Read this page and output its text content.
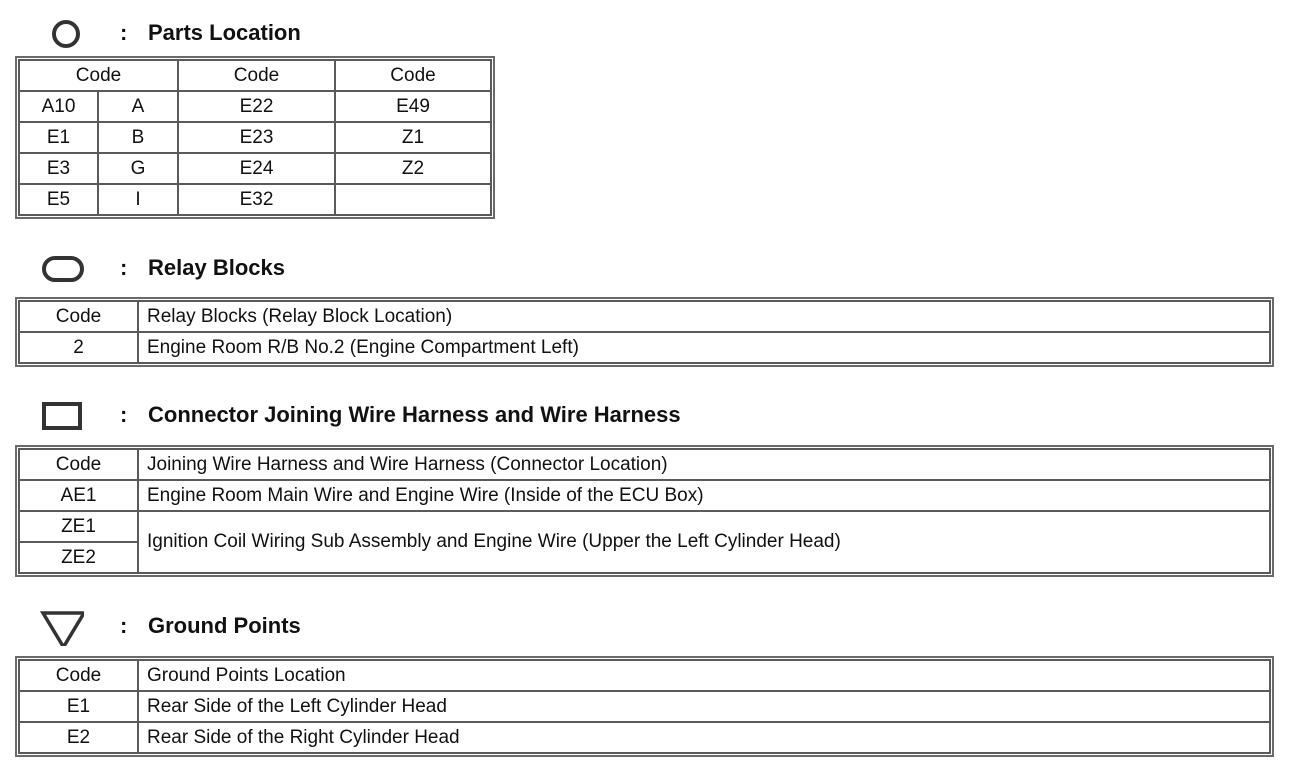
: Parts Location
Code		Code	Code
A10	A	E22	E49
E1	B	E23	Z1
E3	G	E24	Z2
E5	I	E32	
: Relay Blocks
Code	Relay Blocks (Relay Block Location)
2	Engine Room R/B No.2 (Engine Compartment Left)
: Connector Joining Wire Harness and Wire Harness
Code	Joining Wire Harness and Wire Harness (Connector Location)
AE1	Engine Room Main Wire and Engine Wire (Inside of the ECU Box)
ZE1	Ignition Coil Wiring Sub Assembly and Engine Wire (Upper the Left Cylinder Head)
ZE2	
: Ground Points
Code	Ground Points Location
E1	Rear Side of the Left Cylinder Head
E2	Rear Side of the Right Cylinder Head
